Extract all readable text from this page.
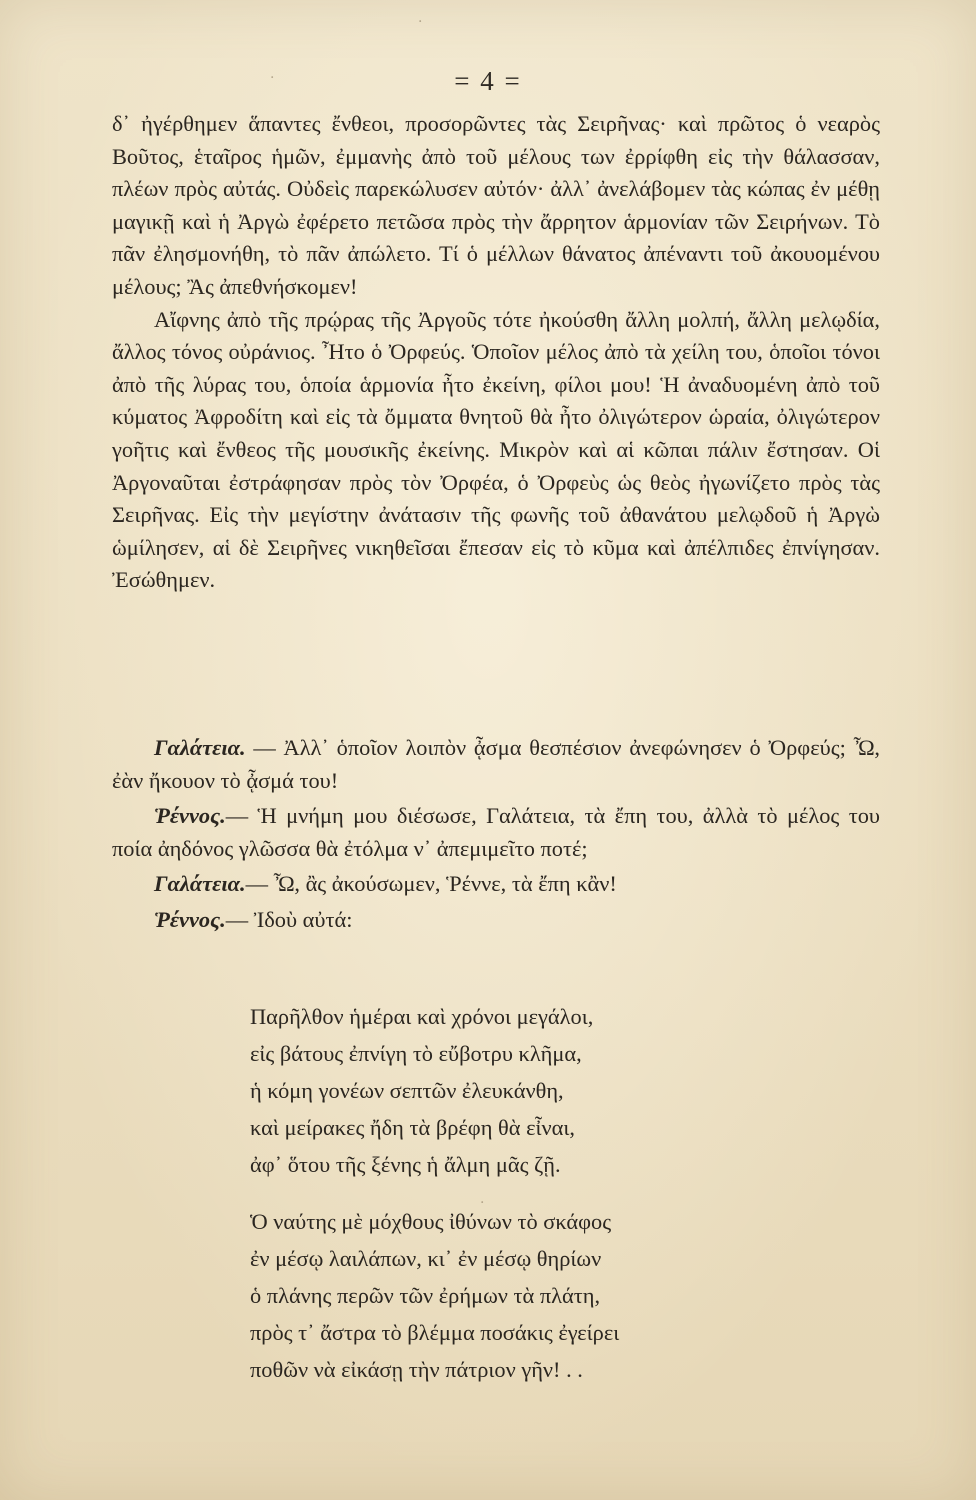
= 4 =

δ᾽ ἠγέρθημεν ἅπαντες ἔνθεοι, προσορῶντες τὰς Σειρῆνας· καὶ πρῶτος ὁ νεαρὸς Βοῦτος, ἑταῖρος ἡμῶν, ἐμμανὴς ἀπὸ τοῦ μέλους των ἐρρίφθη εἰς τὴν θάλασσαν, πλέων πρὸς αὐτάς. Οὐδεὶς παρεκώλυσεν αὐτόν· ἀλλ᾽ ἀνελάβομεν τὰς κώπας ἐν μέθῃ μαγικῇ καὶ ἡ Ἀργὼ ἐφέρετο πετῶσα πρὸς τὴν ἄρρητον ἁρμονίαν τῶν Σειρήνων. Τὸ πᾶν ἐλησμονήθη, τὸ πᾶν ἀπώλετο. Τί ὁ μέλλων θάνατος ἀπέναντι τοῦ ἀκουομένου μέλους; Ἂς ἀπεθνήσκομεν!

Αἴφνης ἀπὸ τῆς πρῴρας τῆς Ἀργοῦς τότε ἠκούσθη ἄλλη μολπή, ἄλλη μελῳδία, ἄλλος τόνος οὐράνιος. Ἦτο ὁ Ὀρφεύς. Ὁποῖον μέλος ἀπὸ τὰ χείλη του, ὁποῖοι τόνοι ἀπὸ τῆς λύρας του, ὁποία ἁρμονία ἦτο ἐκείνη, φίλοι μου! Ἡ ἀναδυομένη ἀπὸ τοῦ κύματος Ἀφροδίτη καὶ εἰς τὰ ὄμματα θνητοῦ θὰ ἦτο ὀλιγώτερον ὡραία, ὀλιγώτερον γοῆτις καὶ ἔνθεος τῆς μουσικῆς ἐκείνης. Μικρὸν καὶ αἱ κῶπαι πάλιν ἔστησαν. Οἱ Ἀργοναῦται ἐστράφησαν πρὸς τὸν Ὀρφέα, ὁ Ὀρφεὺς ὡς θεὸς ἠγωνίζετο πρὸς τὰς Σειρῆνας. Εἰς τὴν μεγίστην ἀνάτασιν τῆς φωνῆς τοῦ ἀθανάτου μελῳδοῦ ἡ Ἀργὼ ὡμίλησεν, αἱ δὲ Σειρῆνες νικηθεῖσαι ἔπεσαν εἰς τὸ κῦμα καὶ ἀπέλπιδες ἐπνίγησαν. Ἐσώθημεν.

Γαλάτεια. — Ἀλλ᾽ ὁποῖον λοιπὸν ᾆσμα θεσπέσιον ἀνεφώνησεν ὁ Ὀρφεύς; Ὦ, ἐὰν ἤκουον τὸ ᾆσμά του!

Ῥέννος.— Ἡ μνήμη μου διέσωσε, Γαλάτεια, τὰ ἔπη του, ἀλλὰ τὸ μέλος του ποία ἀηδόνος γλῶσσα θὰ ἐτόλμα ν᾽ ἀπεμιμεῖτο ποτέ;

Γαλάτεια.— Ὦ, ἂς ἀκούσωμεν, Ῥέννε, τὰ ἔπη κἂν!

Ῥέννος.— Ἰδοὺ αὐτά:

Παρῆλθον ἡμέραι καὶ χρόνοι μεγάλοι,
εἰς βάτους ἐπνίγη τὸ εὔβοτρυ κλῆμα,
ἡ κόμη γονέων σεπτῶν ἐλευκάνθη,
καὶ μείρακες ἤδη τὰ βρέφη θὰ εἶναι,
ἀφ᾽ ὅτου τῆς ξένης ἡ ἄλμη μᾶς ζῇ.
Ὁ ναύτης μὲ μόχθους ἰθύνων τὸ σκάφος
ἐν μέσῳ λαιλάπων, κι᾽ ἐν μέσῳ θηρίων
ὁ πλάνης περῶν τῶν ἐρήμων τὰ πλάτη,
πρὸς τ᾽ ἄστρα τὸ βλέμμα ποσάκις ἐγείρει
ποθῶν νὰ εἰκάσῃ τὴν πάτριον γῆν! . .
·
·
·
